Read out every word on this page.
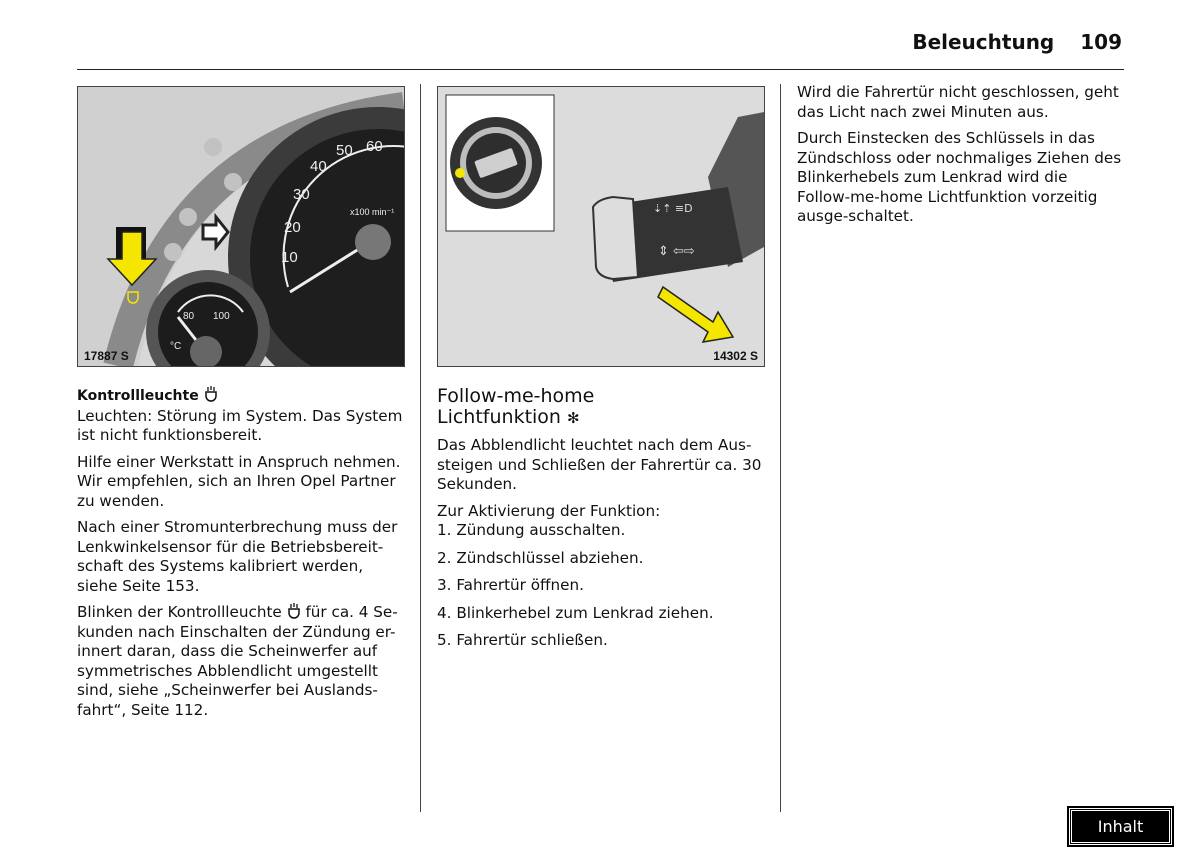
Beleuchtung 109
10
20
30
40
50 60
x100 min⁻¹
80 100
°C
17887 S
⇣⇡ ≡D
⇕ ⇦⇨
14302 S

Kontrollleuchte

Leuchten: Störung im System. Das System ist nicht funktionsbereit.

Hilfe einer Werkstatt in Anspruch nehmen. Wir empfehlen, sich an Ihren Opel Partner zu wenden.

Nach einer Stromunterbrechung muss der Lenkwinkelsensor für die Betriebsbereit-schaft des Systems kalibriert werden, siehe Seite 153.

Blinken der Kontrollleuchte für ca. 4 Se-kunden nach Einschalten der Zündung er-innert daran, dass die Scheinwerfer auf symmetrisches Abblendlicht umgestellt sind, siehe „Scheinwerfer bei Auslands-fahrt“, Seite 112.

Follow-me-home
Lichtfunktion ✻

Das Abblendlicht leuchtet nach dem Aus-steigen und Schließen der Fahrertür ca. 30 Sekunden.

Zur Aktivierung der Funktion:

1. Zündung ausschalten.
2. Zündschlüssel abziehen.
3. Fahrertür öffnen.
4. Blinkerhebel zum Lenkrad ziehen.
5. Fahrertür schließen.

Wird die Fahrertür nicht geschlossen, geht das Licht nach zwei Minuten aus.

Durch Einstecken des Schlüssels in das Zündschloss oder nochmaliges Ziehen des Blinkerhebels zum Lenkrad wird die Follow-me-home Lichtfunktion vorzeitig ausge-schaltet.

Inhalt
